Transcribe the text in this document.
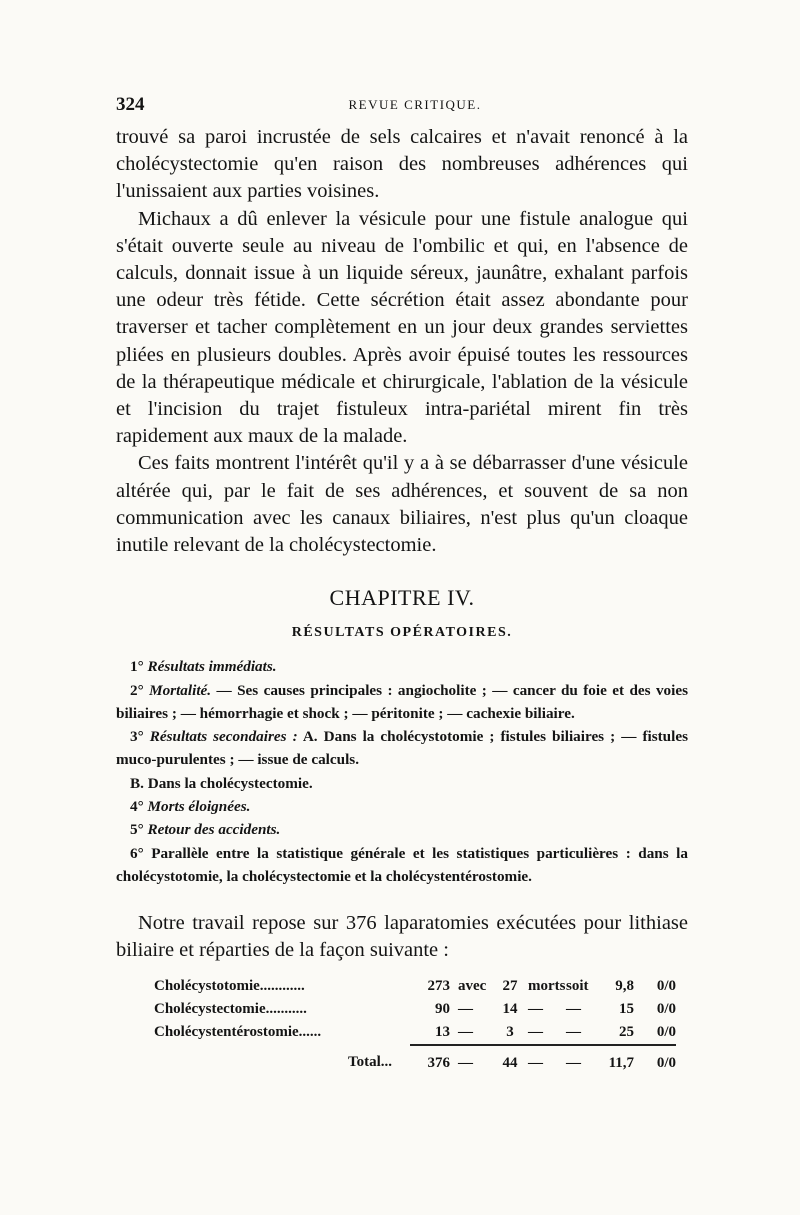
324	REVUE CRITIQUE.

trouvé sa paroi incrustée de sels calcaires et n'avait renoncé à la cholécystectomie qu'en raison des nombreuses adhérences qui l'unissaient aux parties voisines.

Michaux a dû enlever la vésicule pour une fistule analogue qui s'était ouverte seule au niveau de l'ombilic et qui, en l'absence de calculs, donnait issue à un liquide séreux, jaunâtre, exhalant parfois une odeur très fétide. Cette sécrétion était assez abondante pour traverser et tacher complètement en un jour deux grandes serviettes pliées en plusieurs doubles. Après avoir épuisé toutes les ressources de la thérapeutique médicale et chirurgicale, l'ablation de la vésicule et l'incision du trajet fistuleux intra-pariétal mirent fin très rapidement aux maux de la malade.

Ces faits montrent l'intérêt qu'il y a à se débarrasser d'une vésicule altérée qui, par le fait de ses adhérences, et souvent de sa non communication avec les canaux biliaires, n'est plus qu'un cloaque inutile relevant de la cholécystectomie.

CHAPITRE IV.
RÉSULTATS OPÉRATOIRES.

1° Résultats immédiats.

2° Mortalité. — Ses causes principales : angiocholite ; — cancer du foie et des voies biliaires ; — hémorrhagie et shock ; — péritonite ; — cachexie biliaire.

3° Résultats secondaires : A. Dans la cholécystotomie ; fistules biliaires ; — fistules muco-purulentes ; — issue de calculs.

B. Dans la cholécystectomie.

4° Morts éloignées.

5° Retour des accidents.

6° Parallèle entre la statistique générale et les statistiques particulières : dans la cholécystotomie, la cholécystectomie et la cholécystentérostomie.

Notre travail repose sur 376 laparatomies exécutées pour lithiase biliaire et réparties de la façon suivante :

Cholécystotomie............	273	avec	27	morts	soit	9,8	0/0
Cholécystectomie...........	90	—	14	—	—	15	0/0
Cholécystentérostomie......	13	—	3	—	—	25	0/0
Total...	376	—	44	—	—	11,7	0/0
